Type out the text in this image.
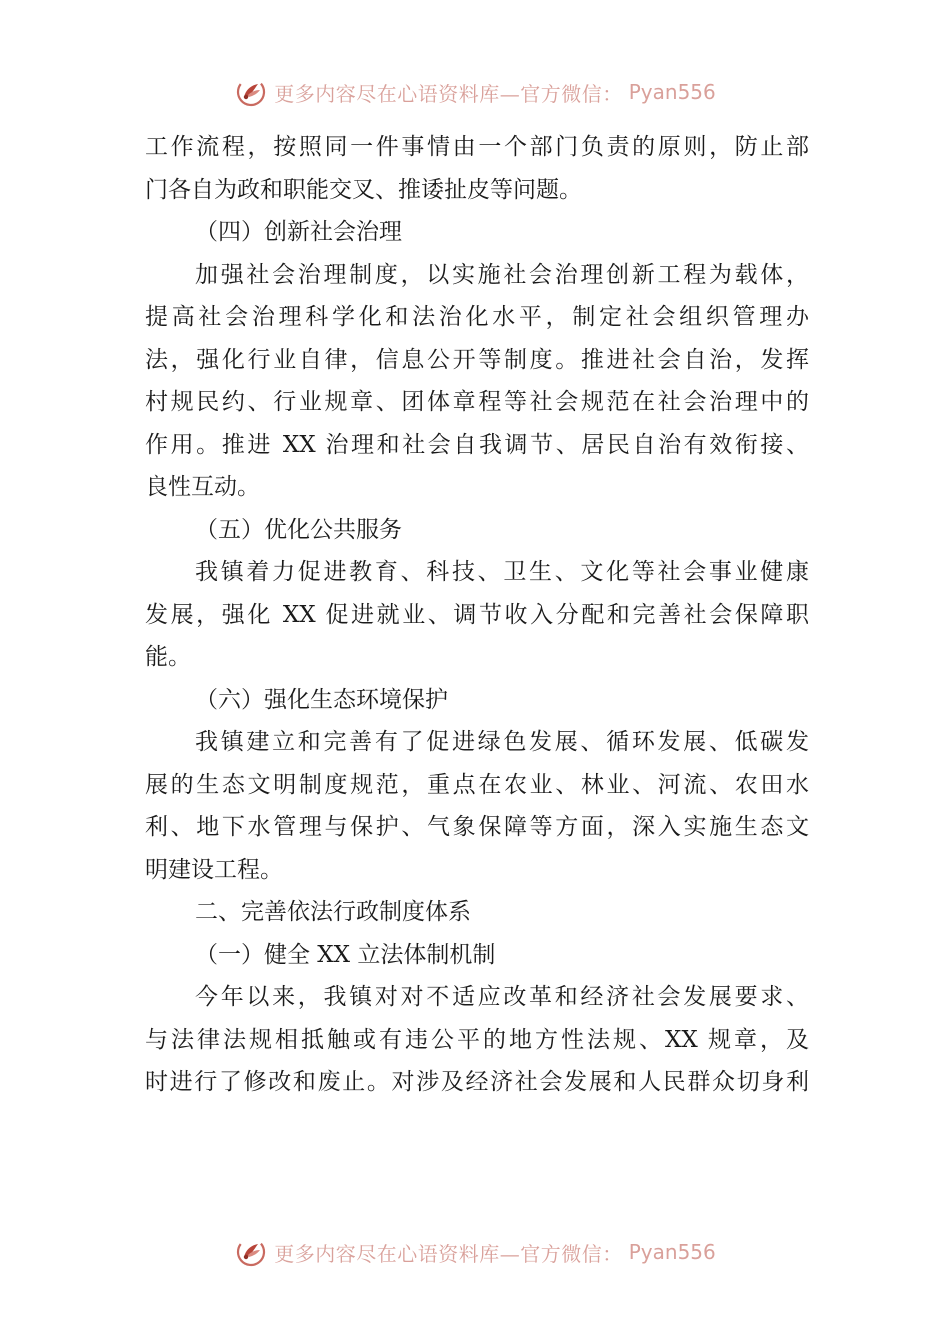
更多内容尽在心语资料库—官方微信： Pyan556
工作流程，按照同一件事情由一个部门负责的原则，防止部
门各自为政和职能交叉、推诿扯皮等问题。
（四）创新社会治理
加强社会治理制度，以实施社会治理创新工程为载体，
提高社会治理科学化和法治化水平，制定社会组织管理办
法，强化行业自律，信息公开等制度。推进社会自治，发挥
村规民约、行业规章、团体章程等社会规范在社会治理中的
作用。推进 XX 治理和社会自我调节、居民自治有效衔接、
良性互动。
（五）优化公共服务
我镇着力促进教育、科技、卫生、文化等社会事业健康
发展，强化 XX 促进就业、调节收入分配和完善社会保障职
能。
（六）强化生态环境保护
我镇建立和完善有了促进绿色发展、循环发展、低碳发
展的生态文明制度规范，重点在农业、林业、河流、农田水
利、地下水管理与保护、气象保障等方面，深入实施生态文
明建设工程。
二、完善依法行政制度体系
（一）健全 XX 立法体制机制
今年以来，我镇对对不适应改革和经济社会发展要求、
与法律法规相抵触或有违公平的地方性法规、XX 规章，及
时进行了修改和废止。对涉及经济社会发展和人民群众切身利
更多内容尽在心语资料库—官方微信： Pyan556
